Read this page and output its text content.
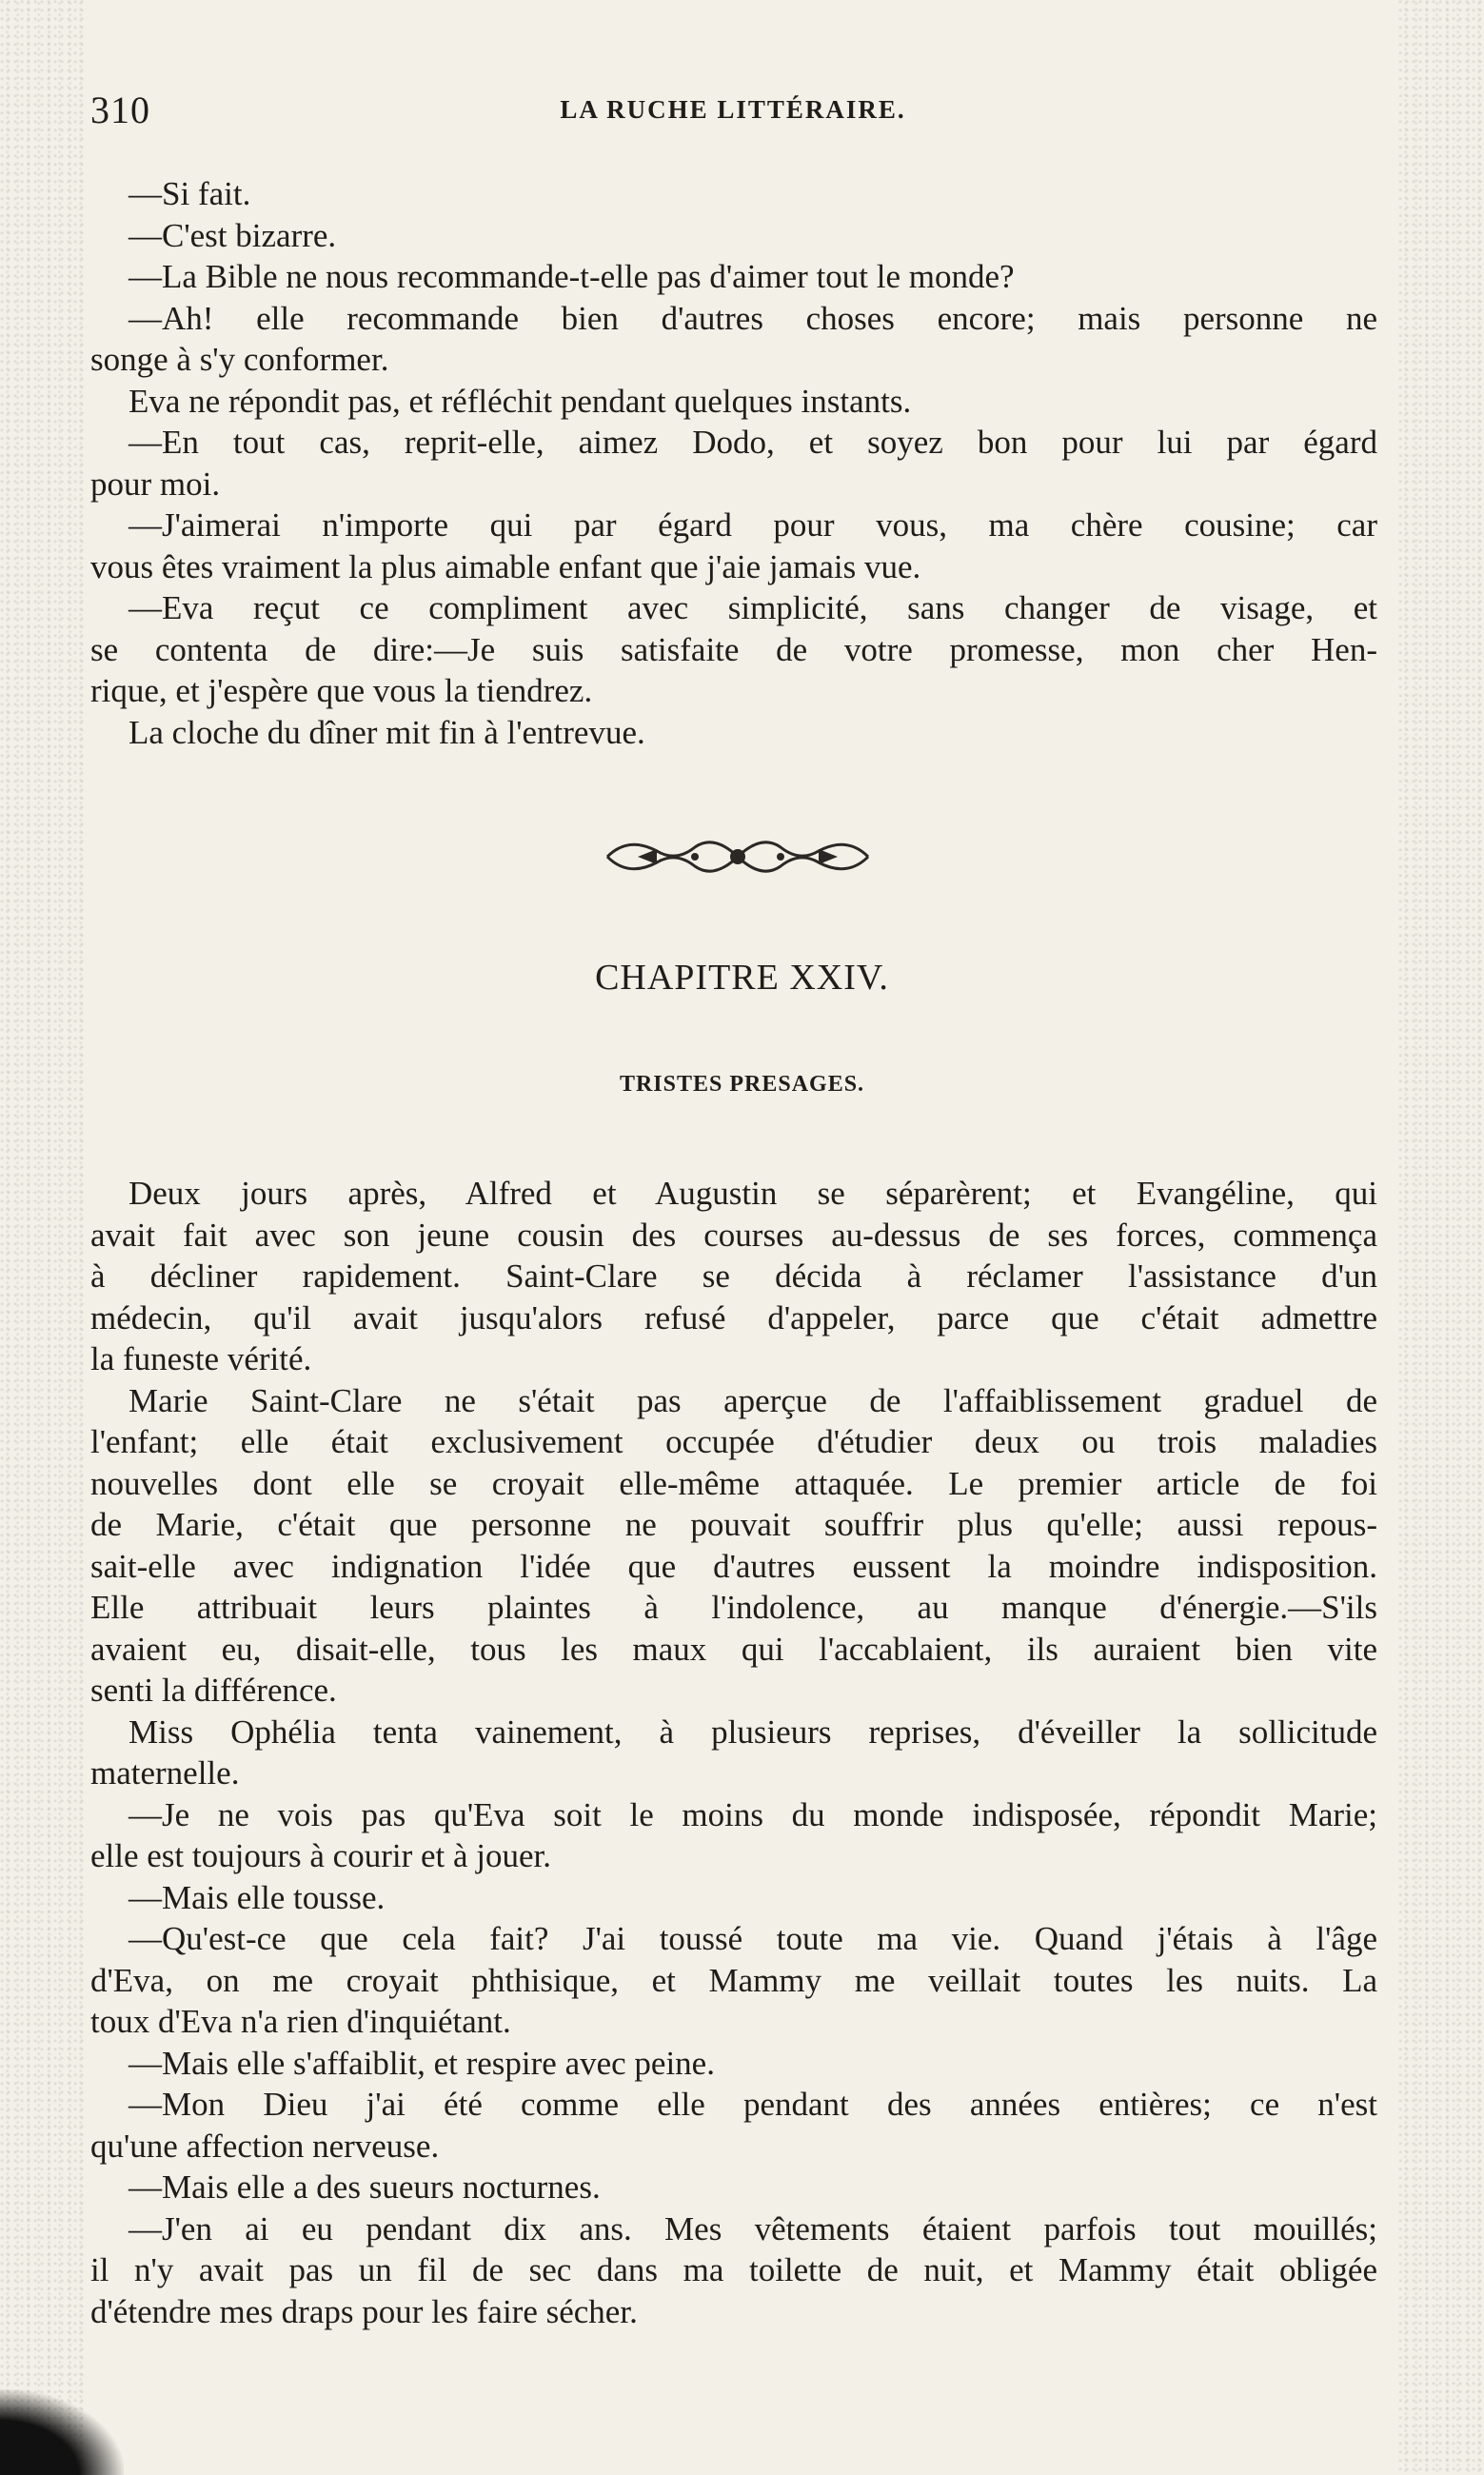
310	LA RUCHE LITTÉRAIRE.
—Si fait.
—C'est bizarre.
—La Bible ne nous recommande-t-elle pas d'aimer tout le monde?
—Ah! elle recommande bien d'autres choses encore; mais personne ne
songe à s'y conformer.
Eva ne répondit pas, et réfléchit pendant quelques instants.
—En tout cas, reprit-elle, aimez Dodo, et soyez bon pour lui par égard
pour moi.
—J'aimerai n'importe qui par égard pour vous, ma chère cousine; car
vous êtes vraiment la plus aimable enfant que j'aie jamais vue.
—Eva reçut ce compliment avec simplicité, sans changer de visage, et
se contenta de dire:—Je suis satisfaite de votre promesse, mon cher Hen-
rique, et j'espère que vous la tiendrez.
La cloche du dîner mit fin à l'entrevue.
CHAPITRE XXIV.
TRISTES PRESAGES.
Deux jours après, Alfred et Augustin se séparèrent; et Evangéline, qui
avait fait avec son jeune cousin des courses au-dessus de ses forces, commença
à décliner rapidement. Saint-Clare se décida à réclamer l'assistance d'un
médecin, qu'il avait jusqu'alors refusé d'appeler, parce que c'était admettre
la funeste vérité.
Marie Saint-Clare ne s'était pas aperçue de l'affaiblissement graduel de
l'enfant; elle était exclusivement occupée d'étudier deux ou trois maladies
nouvelles dont elle se croyait elle-même attaquée. Le premier article de foi
de Marie, c'était que personne ne pouvait souffrir plus qu'elle; aussi repous-
sait-elle avec indignation l'idée que d'autres eussent la moindre indisposition.
Elle attribuait leurs plaintes à l'indolence, au manque d'énergie.—S'ils
avaient eu, disait-elle, tous les maux qui l'accablaient, ils auraient bien vite
senti la différence.
Miss Ophélia tenta vainement, à plusieurs reprises, d'éveiller la sollicitude
maternelle.
—Je ne vois pas qu'Eva soit le moins du monde indisposée, répondit Marie;
elle est toujours à courir et à jouer.
—Mais elle tousse.
—Qu'est-ce que cela fait? J'ai toussé toute ma vie. Quand j'étais à l'âge
d'Eva, on me croyait phthisique, et Mammy me veillait toutes les nuits. La
toux d'Eva n'a rien d'inquiétant.
—Mais elle s'affaiblit, et respire avec peine.
—Mon Dieu j'ai été comme elle pendant des années entières; ce n'est
qu'une affection nerveuse.
—Mais elle a des sueurs nocturnes.
—J'en ai eu pendant dix ans. Mes vêtements étaient parfois tout mouillés;
il n'y avait pas un fil de sec dans ma toilette de nuit, et Mammy était obligée
d'étendre mes draps pour les faire sécher.
